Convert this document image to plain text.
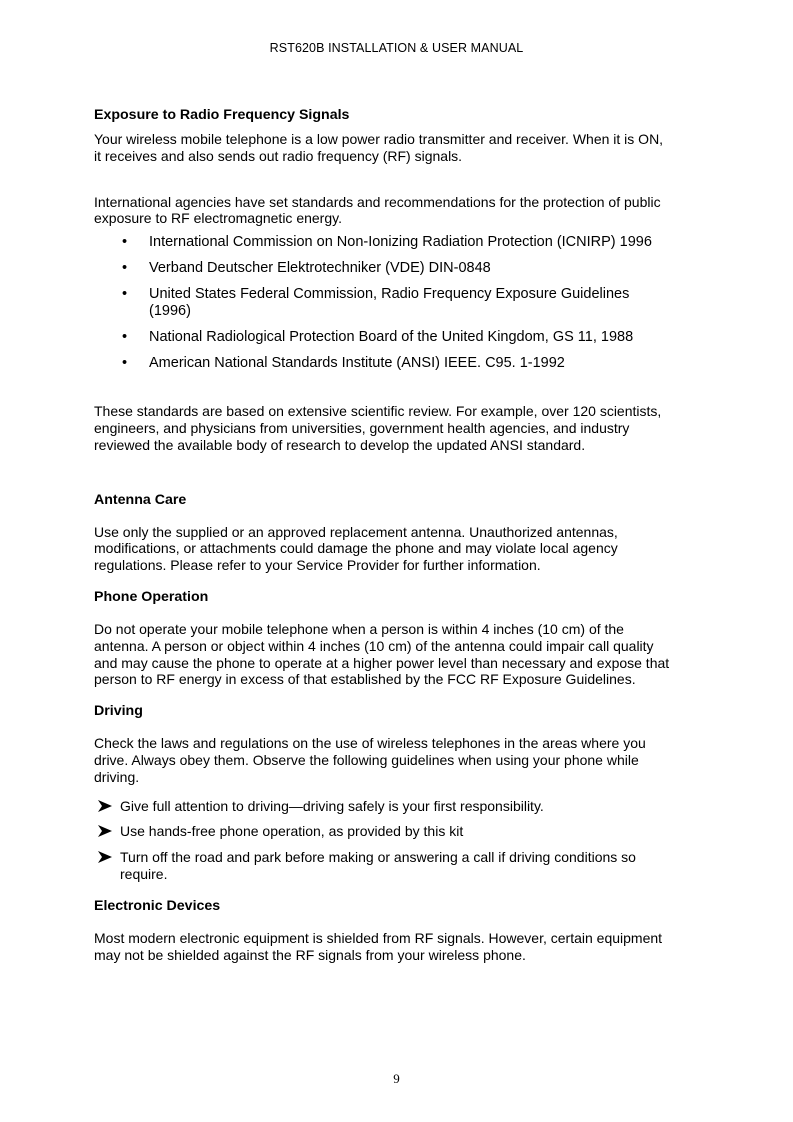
RST620B INSTALLATION & USER MANUAL
Exposure to Radio Frequency Signals
Your wireless mobile telephone is a low power radio transmitter and receiver. When it is ON,
it receives and also sends out radio frequency (RF) signals.
International agencies have set standards and recommendations for the protection of public
exposure to RF electromagnetic energy.
• International Commission on Non-Ionizing Radiation Protection (ICNIRP) 1996
• Verband Deutscher Elektrotechniker (VDE) DIN-0848
• United States Federal Commission, Radio Frequency Exposure Guidelines
(1996)
• National Radiological Protection Board of the United Kingdom, GS 11, 1988
• American National Standards Institute (ANSI) IEEE. C95. 1-1992
These standards are based on extensive scientific review. For example, over 120 scientists,
engineers, and physicians from universities, government health agencies, and industry
reviewed the available body of research to develop the updated ANSI standard.
Antenna Care
Use only the supplied or an approved replacement antenna. Unauthorized antennas,
modifications, or attachments could damage the phone and may violate local agency
regulations. Please refer to your Service Provider for further information.
Phone Operation
Do not operate your mobile telephone when a person is within 4 inches (10 cm) of the
antenna. A person or object within 4 inches (10 cm) of the antenna could impair call quality
and may cause the phone to operate at a higher power level than necessary and expose that
person to RF energy in excess of that established by the FCC RF Exposure Guidelines.
Driving
Check the laws and regulations on the use of wireless telephones in the areas where you
drive. Always obey them. Observe the following guidelines when using your phone while
driving.
Give full attention to driving—driving safely is your first responsibility.
Use hands-free phone operation, as provided by this kit
Turn off the road and park before making or answering a call if driving conditions so
require.
Electronic Devices
Most modern electronic equipment is shielded from RF signals. However, certain equipment
may not be shielded against the RF signals from your wireless phone.
9
